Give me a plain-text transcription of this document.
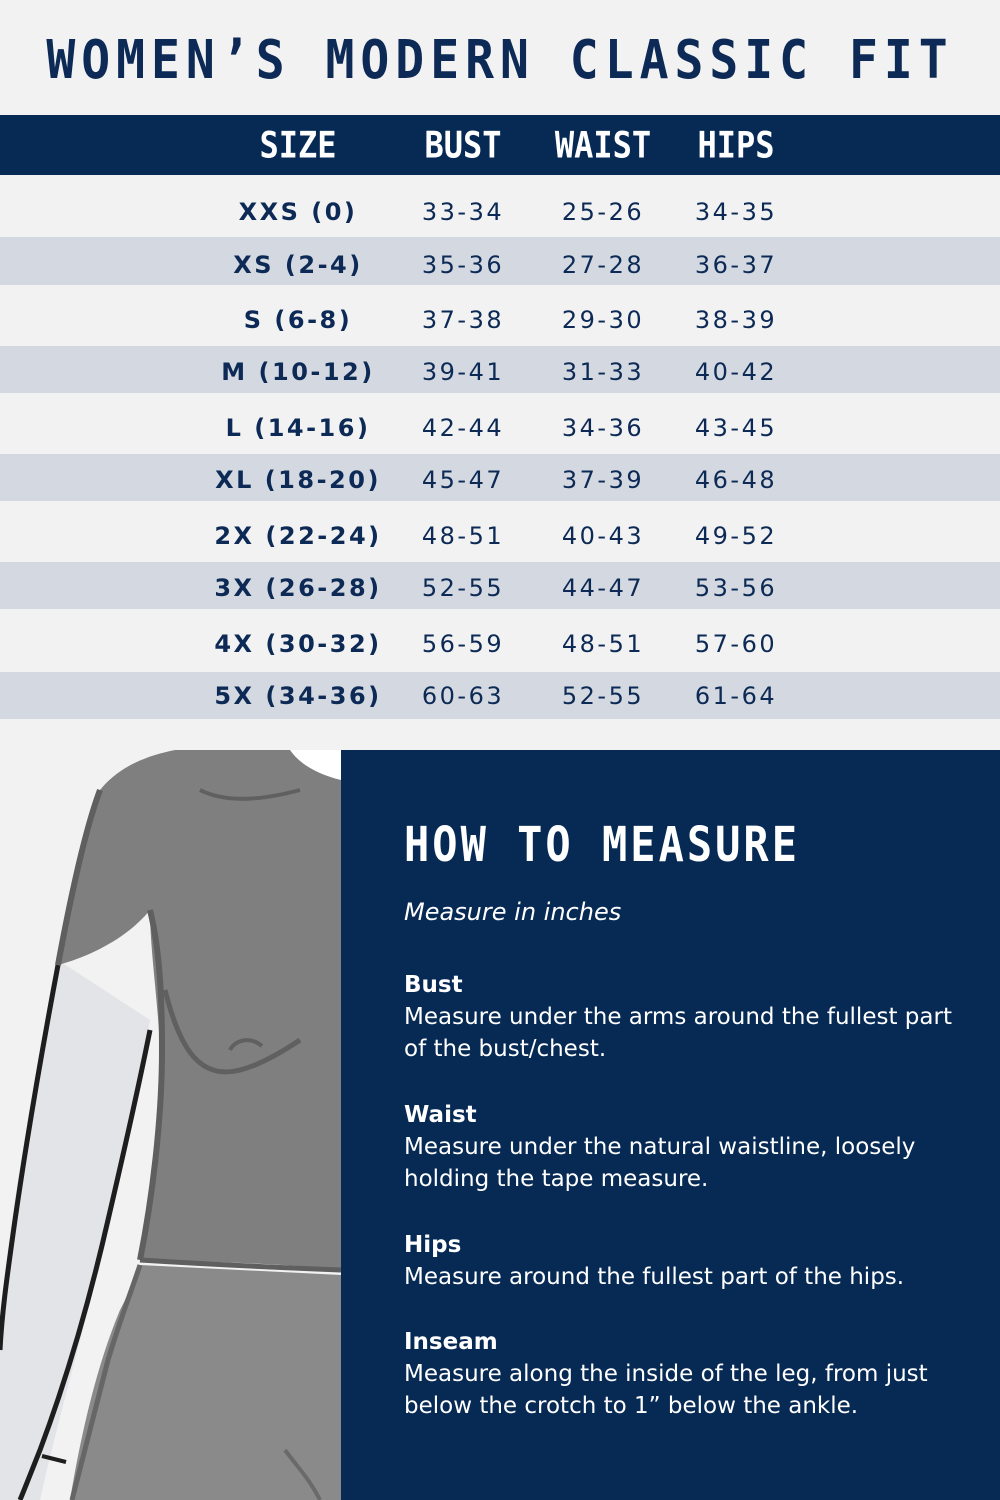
WOMEN’S MODERN CLASSIC FIT
SIZE	BUST	WAIST	HIPS
XXS (0)	33-34	25-26	34-35
XS (2-4)	35-36	27-28	36-37
S (6-8)	37-38	29-30	38-39
M (10-12)	39-41	31-33	40-42
L (14-16)	42-44	34-36	43-45
XL (18-20)	45-47	37-39	46-48
2X (22-24)	48-51	40-43	49-52
3X (26-28)	52-55	44-47	53-56
4X (30-32)	56-59	48-51	57-60
5X (34-36)	60-63	52-55	61-64
HOW TO MEASURE
Measure in inches
Bust
Measure under the arms around the fullest part of the bust/chest.
Waist
Measure under the natural waistline, loosely holding the tape measure.
Hips
Measure around the fullest part of the hips.
Inseam
Measure along the inside of the leg, from just below the crotch to 1” below the ankle.
